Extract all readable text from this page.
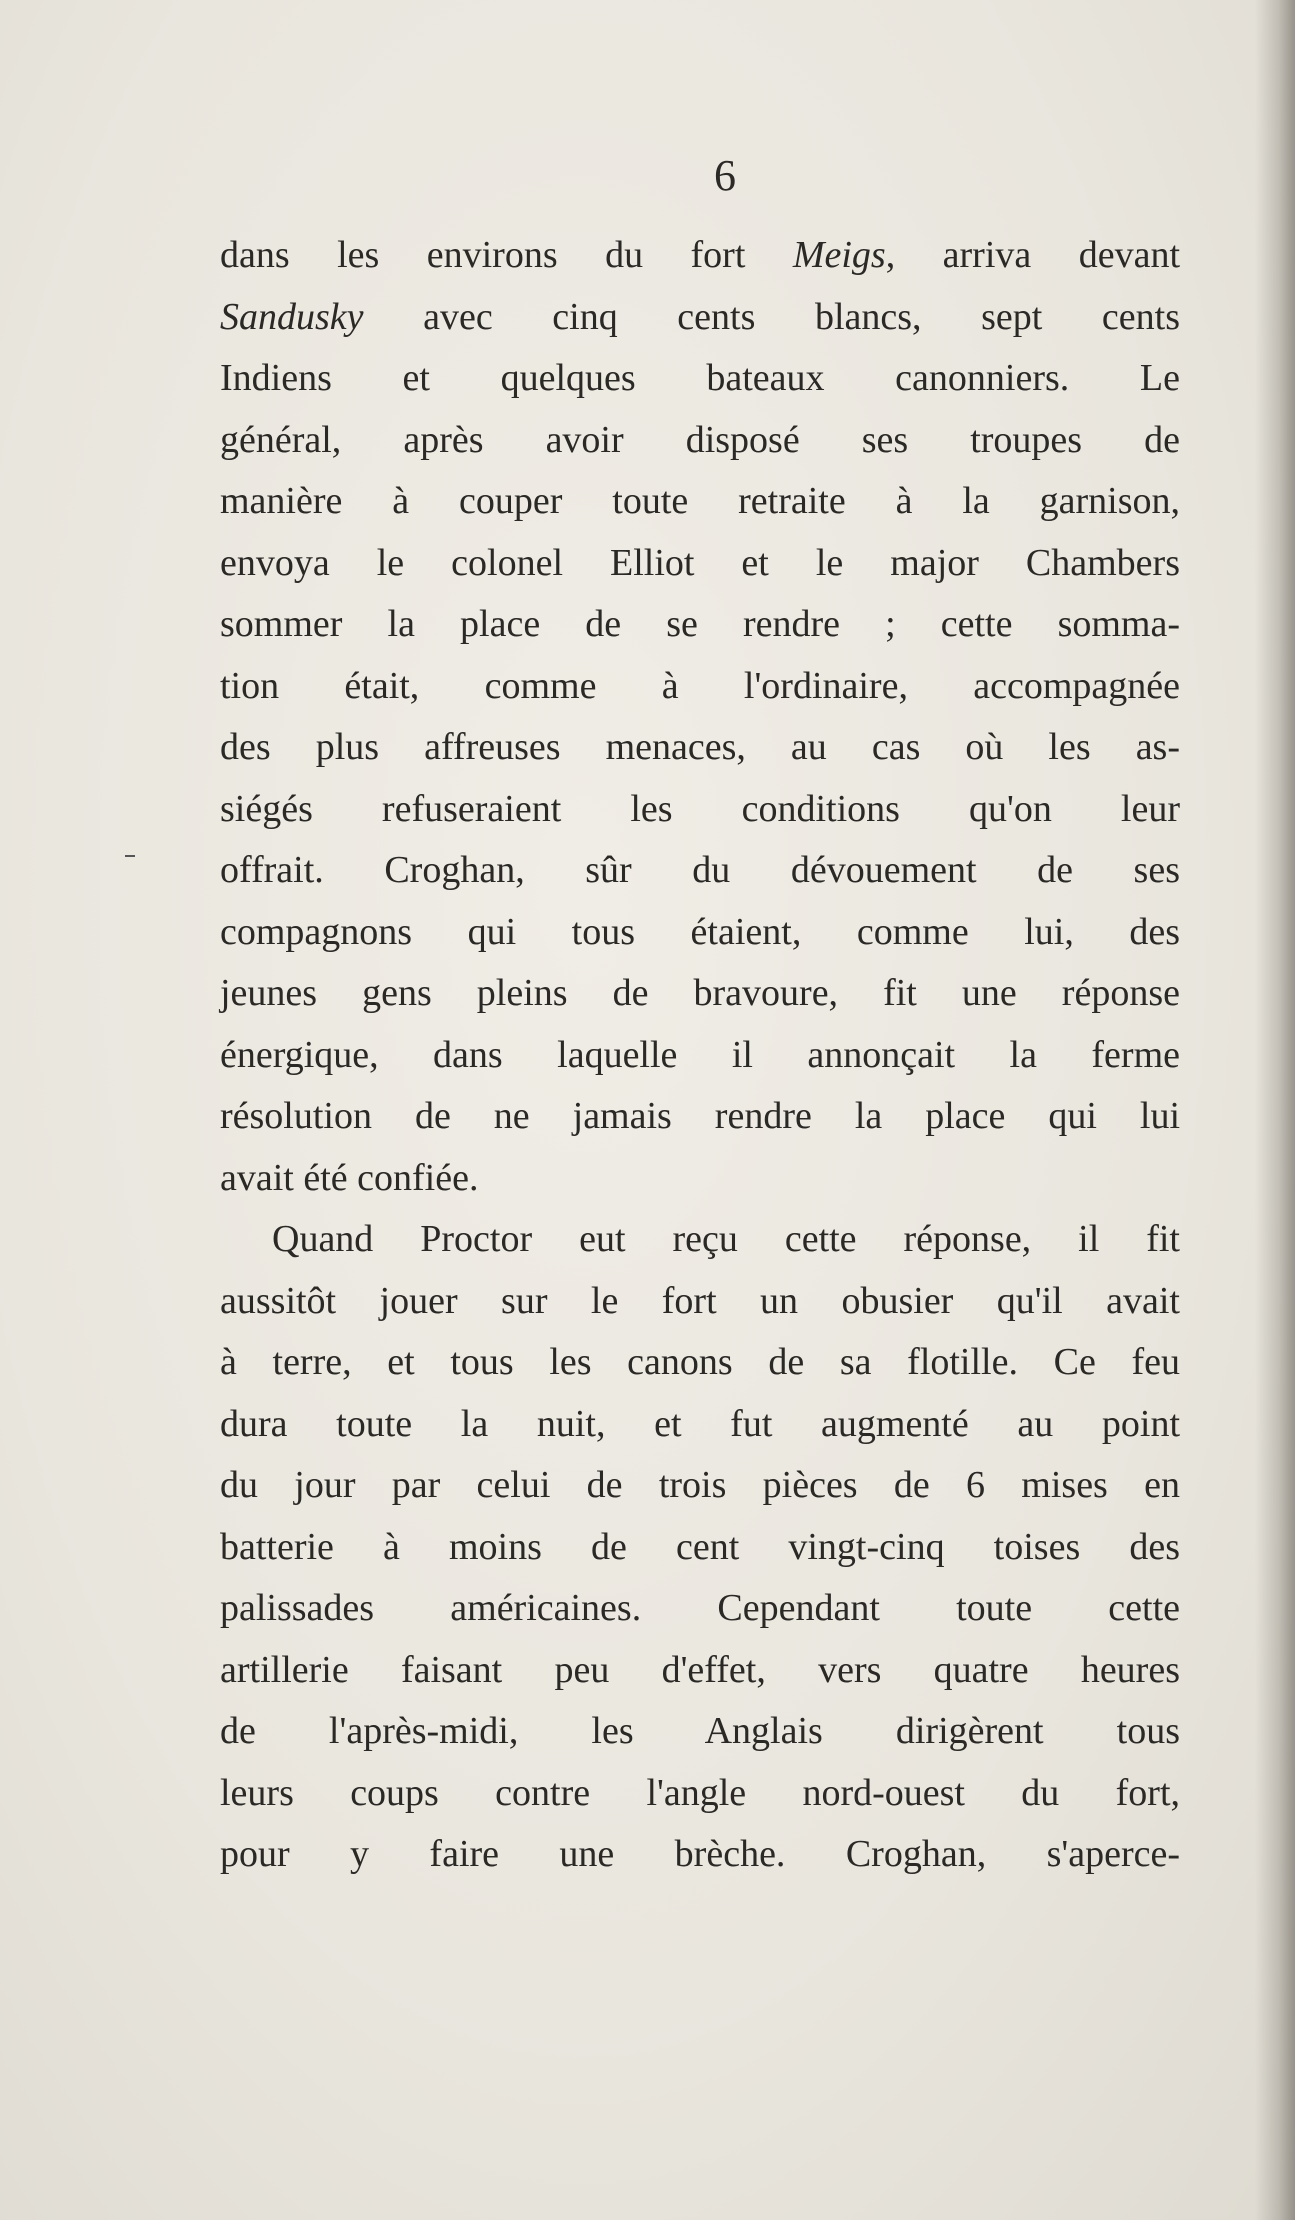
6
dans les environs du fort Meigs, arriva devant
Sandusky avec cinq cents blancs, sept cents
Indiens et quelques bateaux canonniers. Le
général, après avoir disposé ses troupes de
manière à couper toute retraite à la garnison,
envoya le colonel Elliot et le major Chambers
sommer la place de se rendre ; cette somma-
tion était, comme à l'ordinaire, accompagnée
des plus affreuses menaces, au cas où les as-
siégés refuseraient les conditions qu'on leur
offrait. Croghan, sûr du dévouement de ses
compagnons qui tous étaient, comme lui, des
jeunes gens pleins de bravoure, fit une réponse
énergique, dans laquelle il annonçait la ferme
résolution de ne jamais rendre la place qui lui
avait été confiée.
Quand Proctor eut reçu cette réponse, il fit
aussitôt jouer sur le fort un obusier qu'il avait
à terre, et tous les canons de sa flotille. Ce feu
dura toute la nuit, et fut augmenté au point
du jour par celui de trois pièces de 6 mises en
batterie à moins de cent vingt-cinq toises des
palissades américaines. Cependant toute cette
artillerie faisant peu d'effet, vers quatre heures
de l'après-midi, les Anglais dirigèrent tous
leurs coups contre l'angle nord-ouest du fort,
pour y faire une brèche. Croghan, s'aperce-
